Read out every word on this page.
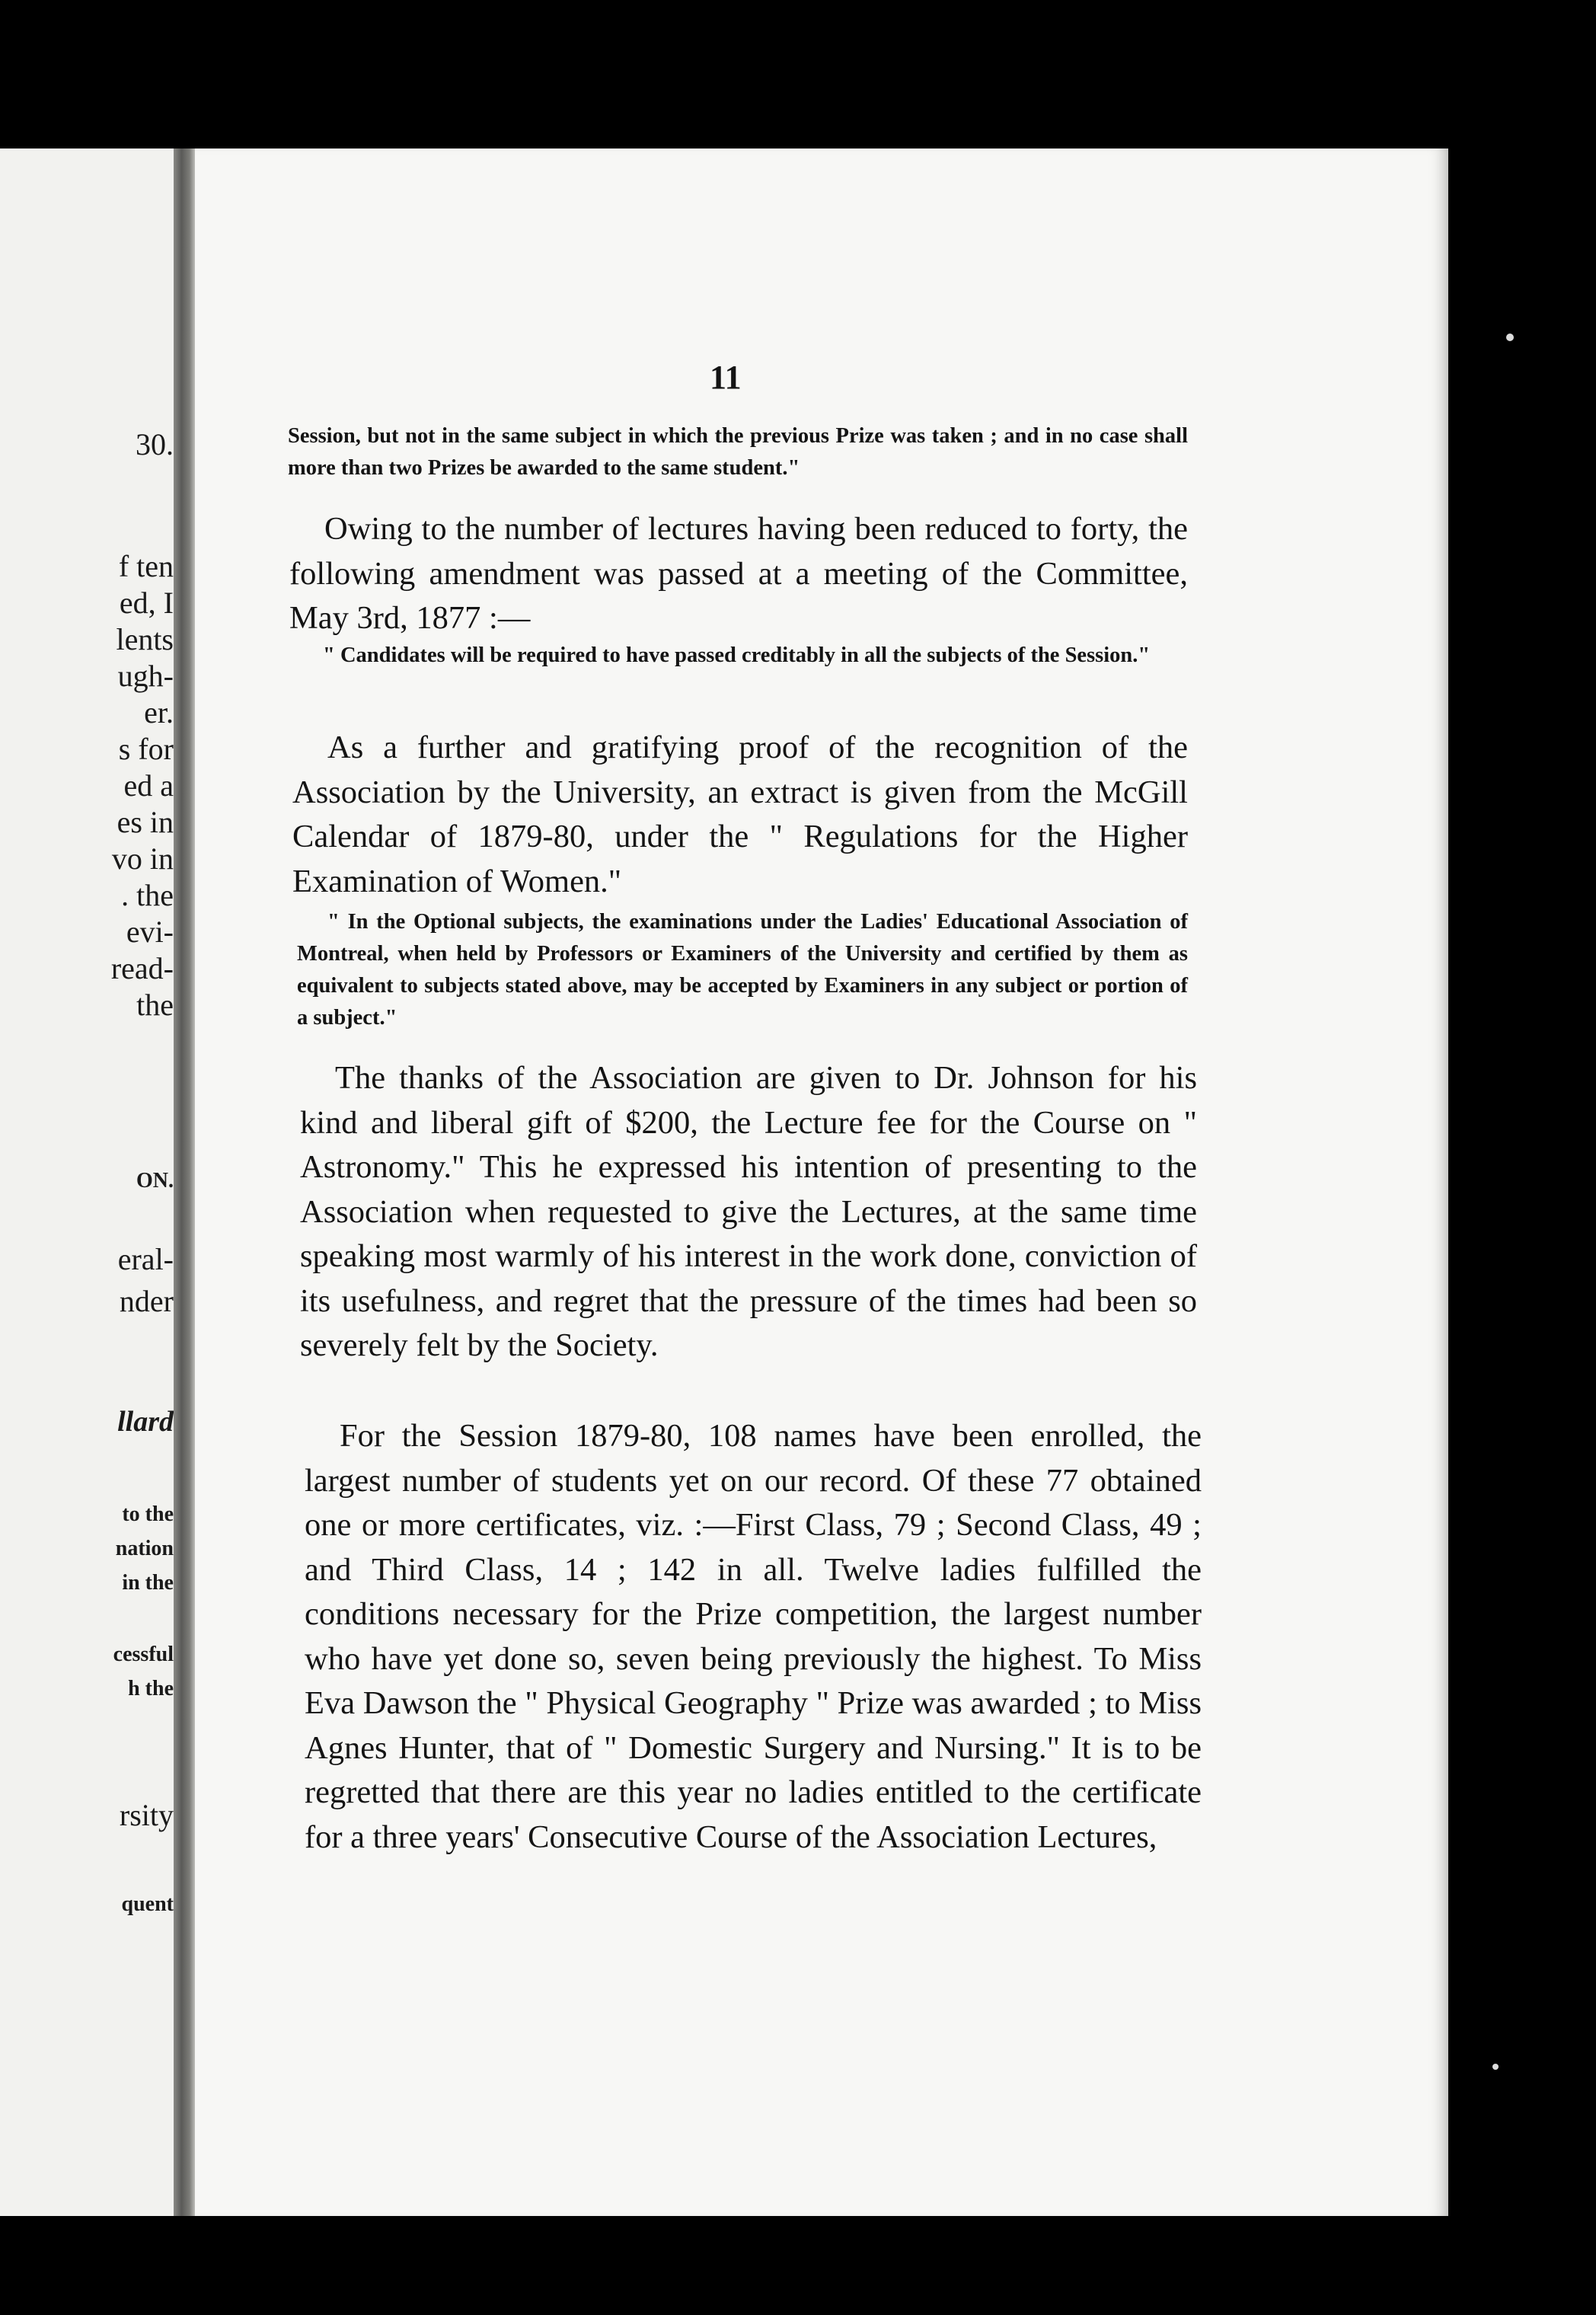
30.
f ten
ed, I
lents
ugh-
er.
s for
ed a
es in
vo in
. the
evi-
read-
the
ON.
eral-
nder
llard
to the
nation
in the
cessful
h the
rsity
quent
11
Session, but not in the same subject in which the previous Prize was taken ; and in no case shall more than two Prizes be awarded to the same student."
Owing to the number of lectures having been reduced to forty, the following amendment was passed at a meeting of the Committee, May 3rd, 1877 :—
" Candidates will be required to have passed creditably in all the subjects of the Session."
As a further and gratifying proof of the recognition of the Association by the University, an extract is given from the McGill Calendar of 1879-80, under the " Regulations for the Higher Examination of Women."
" In the Optional subjects, the examinations under the Ladies' Educational Association of Montreal, when held by Professors or Examiners of the University and certified by them as equivalent to subjects stated above, may be accepted by Examiners in any subject or portion of a subject."
The thanks of the Association are given to Dr. Johnson for his kind and liberal gift of $200, the Lecture fee for the Course on " Astronomy." This he expressed his intention of presenting to the Association when requested to give the Lectures, at the same time speaking most warmly of his interest in the work done, conviction of its usefulness, and regret that the pressure of the times had been so severely felt by the Society.
For the Session 1879-80, 108 names have been enrolled, the largest number of students yet on our record. Of these 77 obtained one or more certificates, viz. :—First Class, 79 ; Second Class, 49 ; and Third Class, 14 ; 142 in all. Twelve ladies fulfilled the conditions necessary for the Prize competition, the largest number who have yet done so, seven being previously the highest. To Miss Eva Dawson the " Physical Geography " Prize was awarded ; to Miss Agnes Hunter, that of " Domestic Surgery and Nursing." It is to be regretted that there are this year no ladies entitled to the certificate for a three years' Consecutive Course of the Association Lectures,
